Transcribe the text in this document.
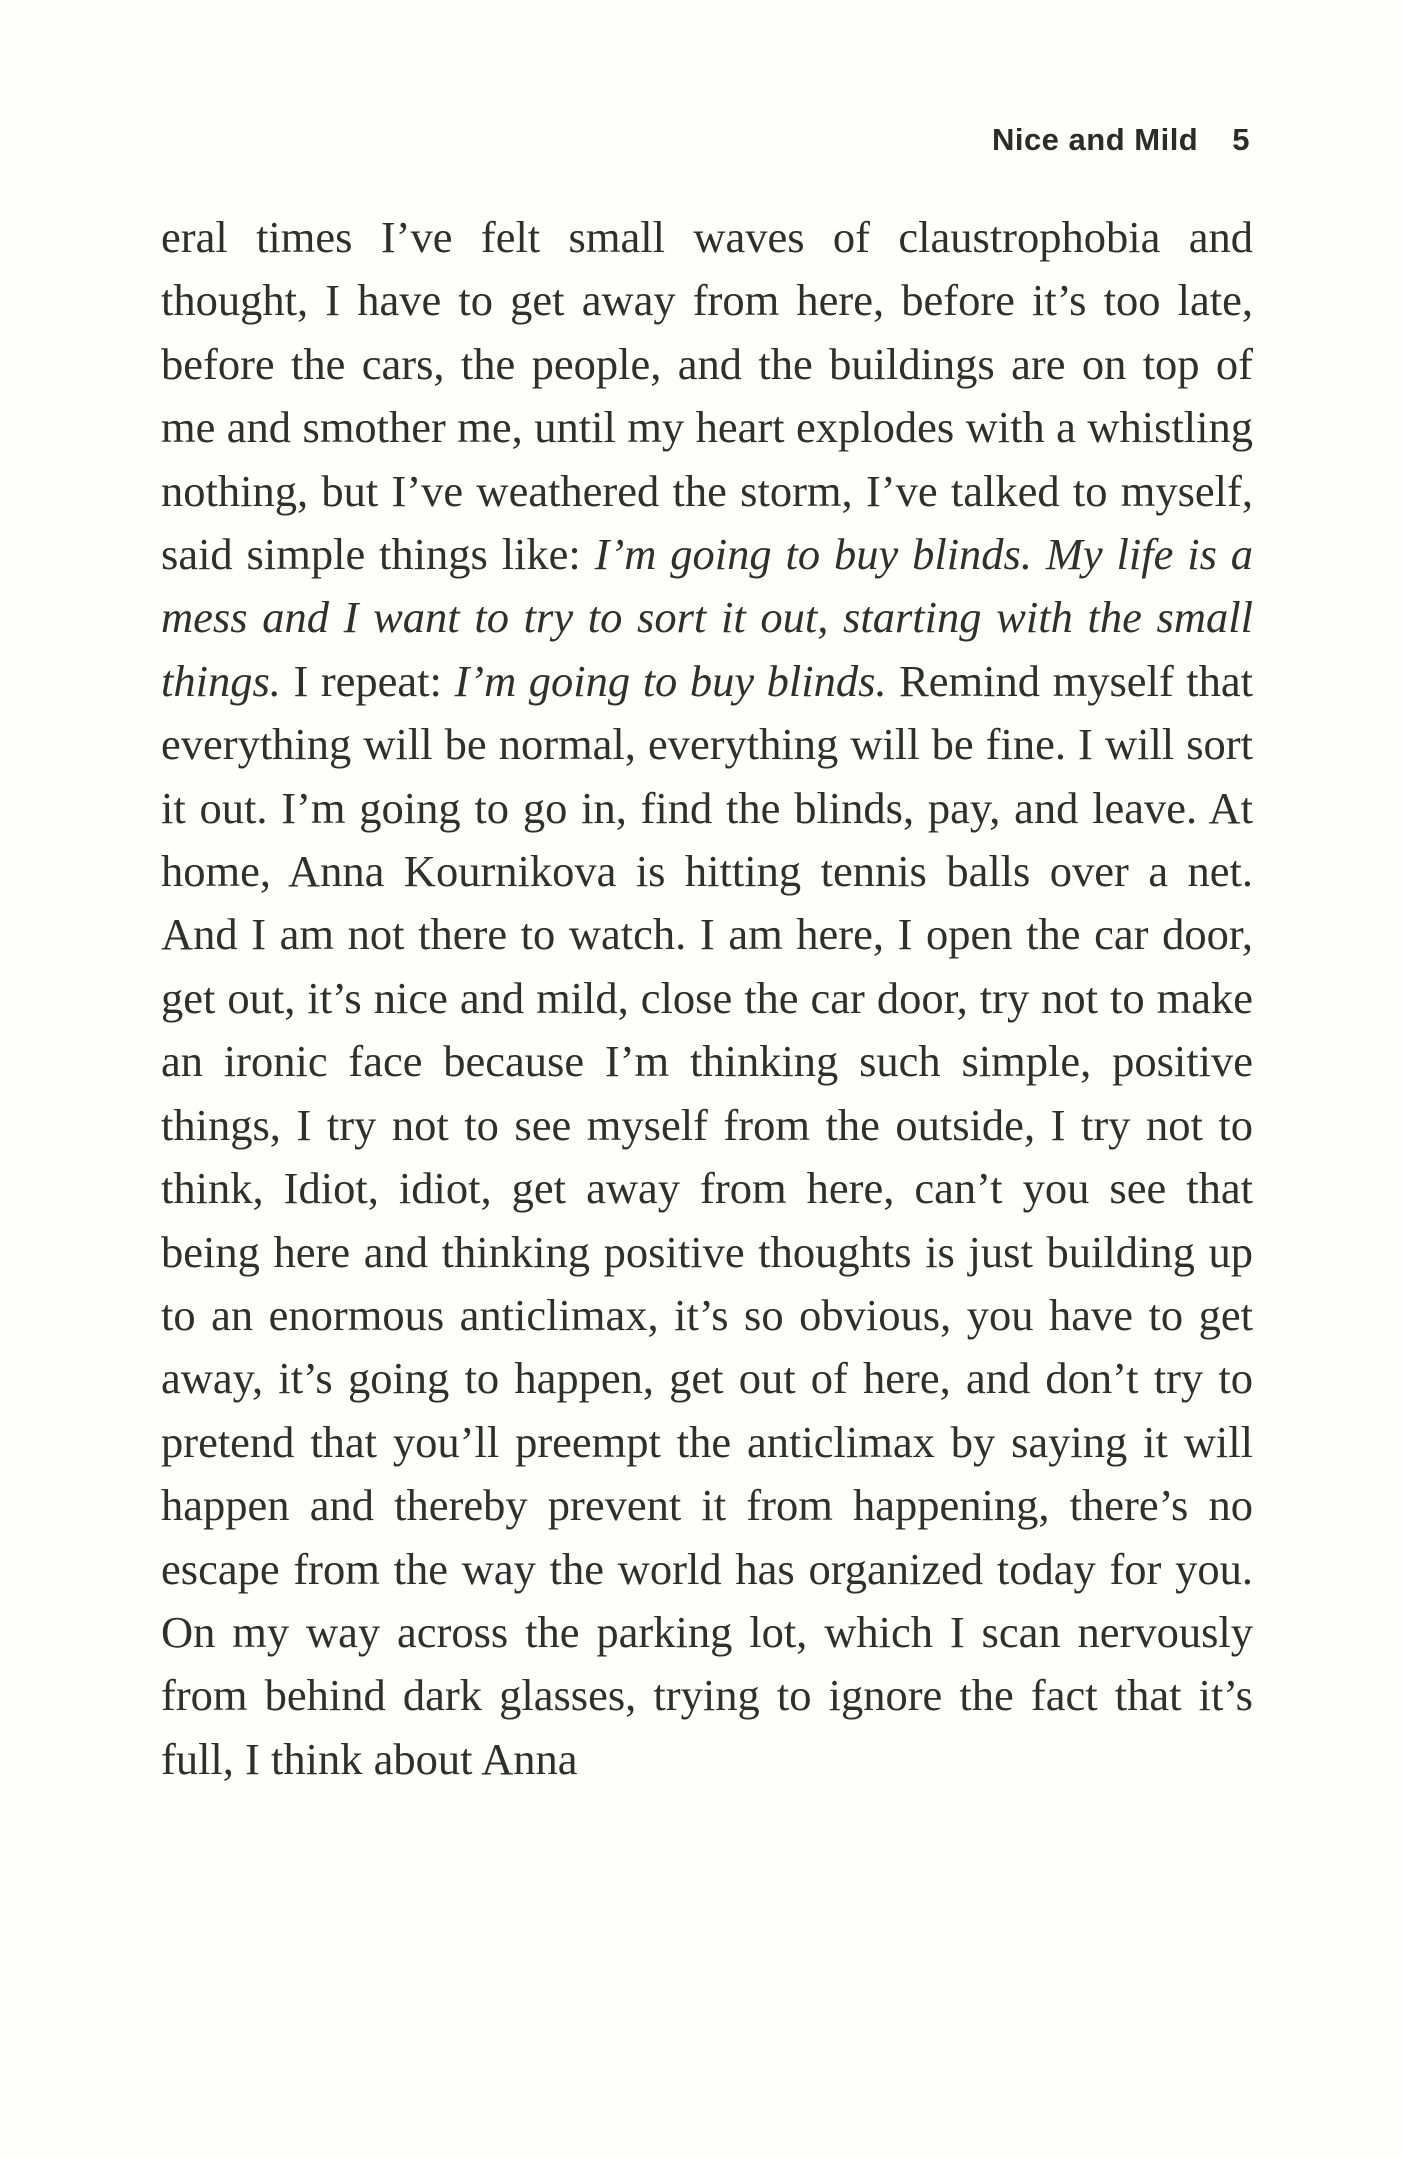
Nice and Mild 5

eral times I’ve felt small waves of claustrophobia and thought, I have to get away from here, before it’s too late, before the cars, the people, and the buildings are on top of me and smother me, until my heart explodes with a whistling nothing, but I’ve weathered the storm, I’ve talked to myself, said simple things like: I’m going to buy blinds. My life is a mess and I want to try to sort it out, starting with the small things. I repeat: I’m going to buy blinds. Remind myself that everything will be normal, everything will be fine. I will sort it out. I’m going to go in, find the blinds, pay, and leave. At home, Anna Kournikova is hitting tennis balls over a net. And I am not there to watch. I am here, I open the car door, get out, it’s nice and mild, close the car door, try not to make an ironic face because I’m thinking such simple, positive things, I try not to see myself from the outside, I try not to think, Idiot, idiot, get away from here, can’t you see that being here and thinking positive thoughts is just building up to an enormous anticlimax, it’s so obvious, you have to get away, it’s going to happen, get out of here, and don’t try to pretend that you’ll preempt the anticlimax by saying it will happen and thereby prevent it from happening, there’s no escape from the way the world has organized today for you. On my way across the parking lot, which I scan nervously from behind dark glasses, trying to ignore the fact that it’s full, I think about Anna
